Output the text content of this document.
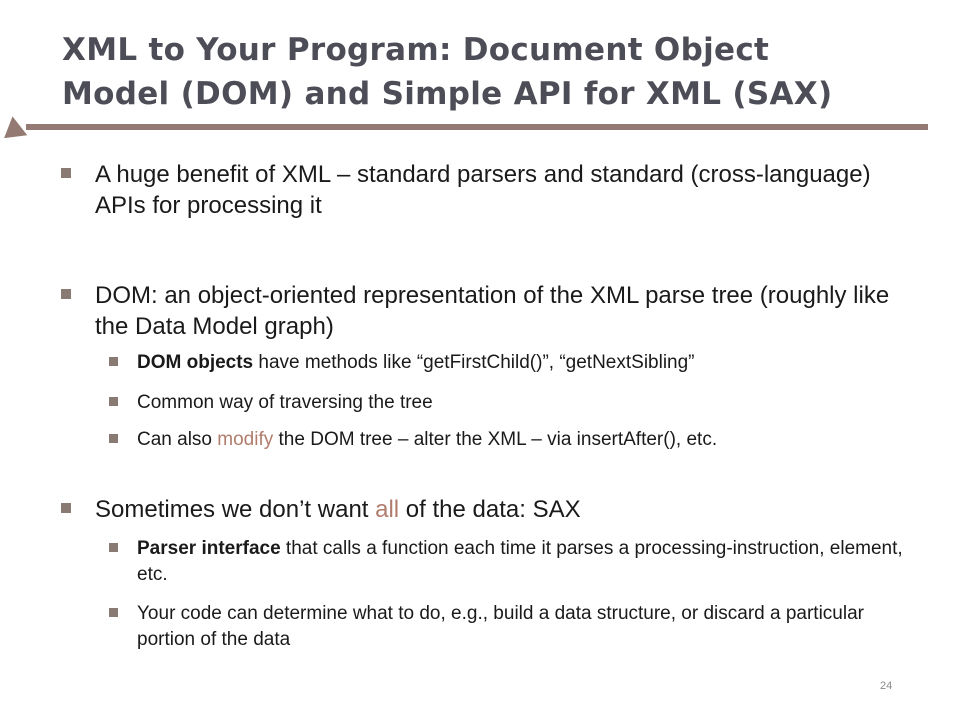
XML to Your Program: Document Object
Model (DOM) and Simple API for XML (SAX)
A huge benefit of XML – standard parsers and standard (cross-language) APIs for processing it
DOM: an object-oriented representation of the XML parse tree (roughly like the Data Model graph)
DOM objects have methods like “getFirstChild()”, “getNextSibling”
Common way of traversing the tree
Can also modify the DOM tree – alter the XML – via insertAfter(), etc.
Sometimes we don’t want all of the data: SAX
Parser interface that calls a function each time it parses a processing-instruction, element, etc.
Your code can determine what to do, e.g., build a data structure, or discard a particular portion of the data
24
